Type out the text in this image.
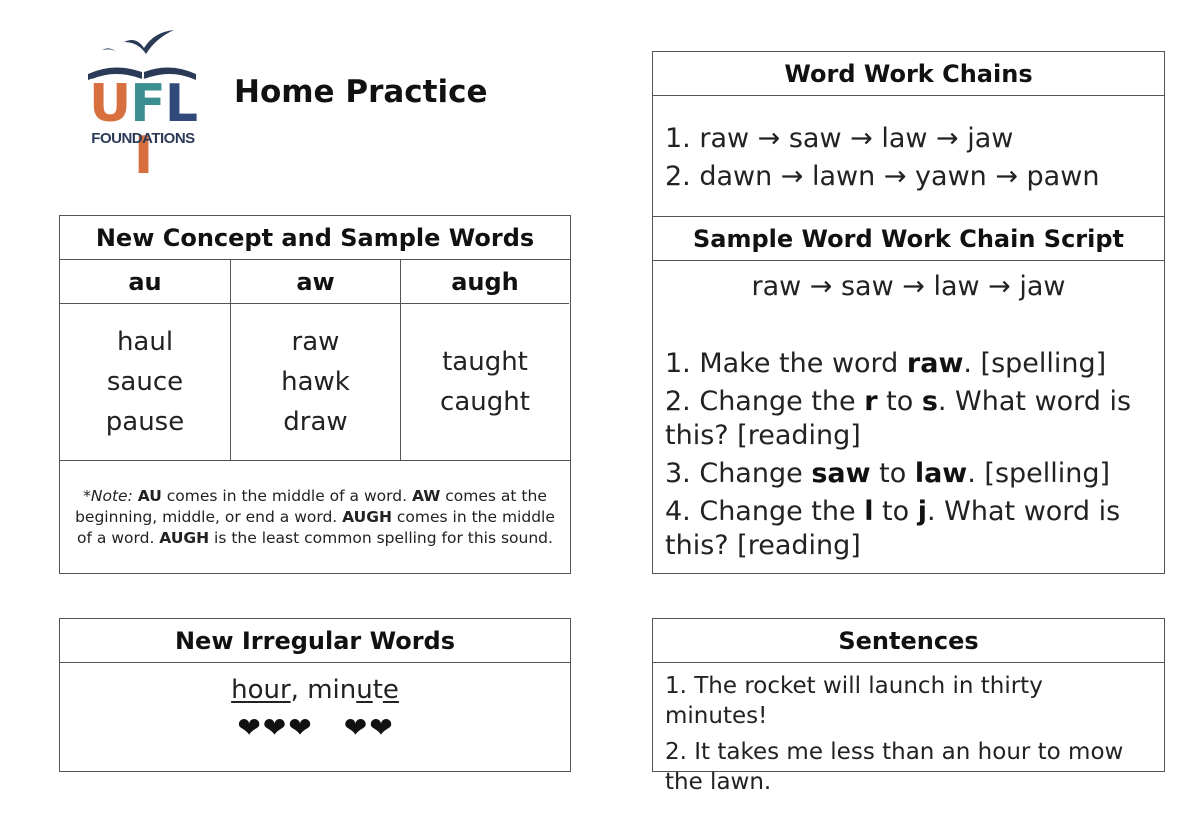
UFLI
FOUNDATIONS
Home Practice
New Concept and Sample Words
au
haul
sauce
pause
aw
raw
hawk
draw
augh
taught
caught
*Note: AU comes in the middle of a word. AW comes at the beginning, middle, or end a word. AUGH comes in the middle of a word. AUGH is the least common spelling for this sound.
New Irregular Words
hour, minute
❤❤❤ ❤❤
Word Work Chains
1. raw → saw → law → jaw
2. dawn → lawn → yawn → pawn
Sample Word Work Chain Script
raw → saw → law → jaw
1. Make the word raw. [spelling]
2. Change the r to s. What word is this? [reading]
3. Change saw to law. [spelling]
4. Change the l to j. What word is this? [reading]
Sentences
1. The rocket will launch in thirty minutes!
2. It takes me less than an hour to mow the lawn.
